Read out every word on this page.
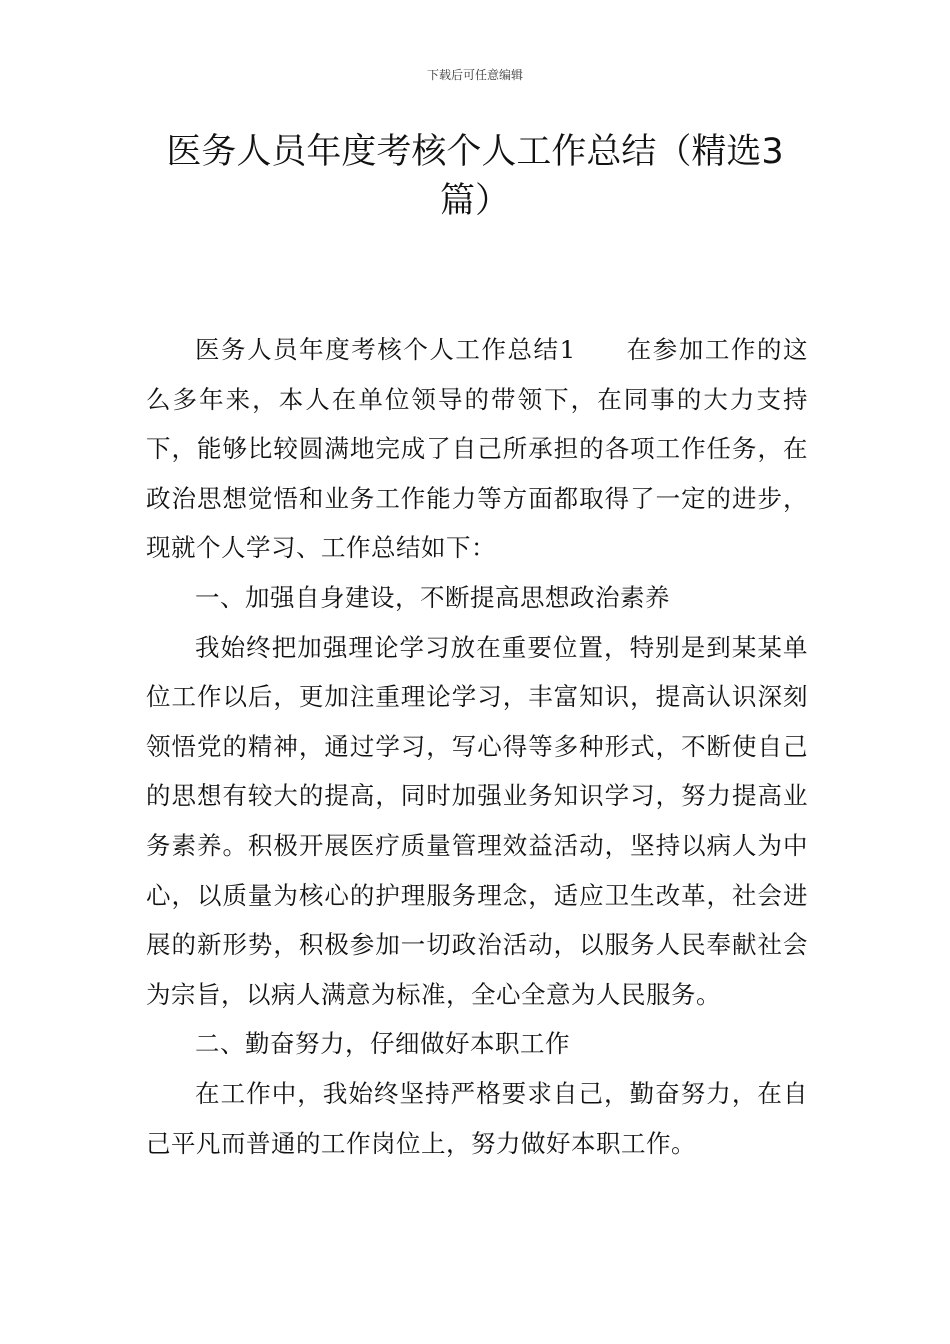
下载后可任意编辑
医务人员年度考核个人工作总结（精选3篇）

医务人员年度考核个人工作总结1 在参加工作的这么多年来，本人在单位领导的带领下，在同事的大力支持下，能够比较圆满地完成了自己所承担的各项工作任务，在政治思想觉悟和业务工作能力等方面都取得了一定的进步，现就个人学习、工作总结如下：

一、加强自身建设，不断提高思想政治素养

我始终把加强理论学习放在重要位置，特别是到某某单位工作以后，更加注重理论学习，丰富知识，提高认识深刻领悟党的精神，通过学习，写心得等多种形式，不断使自己的思想有较大的提高，同时加强业务知识学习，努力提高业务素养。积极开展医疗质量管理效益活动，坚持以病人为中心，以质量为核心的护理服务理念，适应卫生改革，社会进展的新形势，积极参加一切政治活动，以服务人民奉献社会为宗旨，以病人满意为标准，全心全意为人民服务。

二、勤奋努力，仔细做好本职工作

在工作中，我始终坚持严格要求自己，勤奋努力，在自己平凡而普通的工作岗位上，努力做好本职工作。
